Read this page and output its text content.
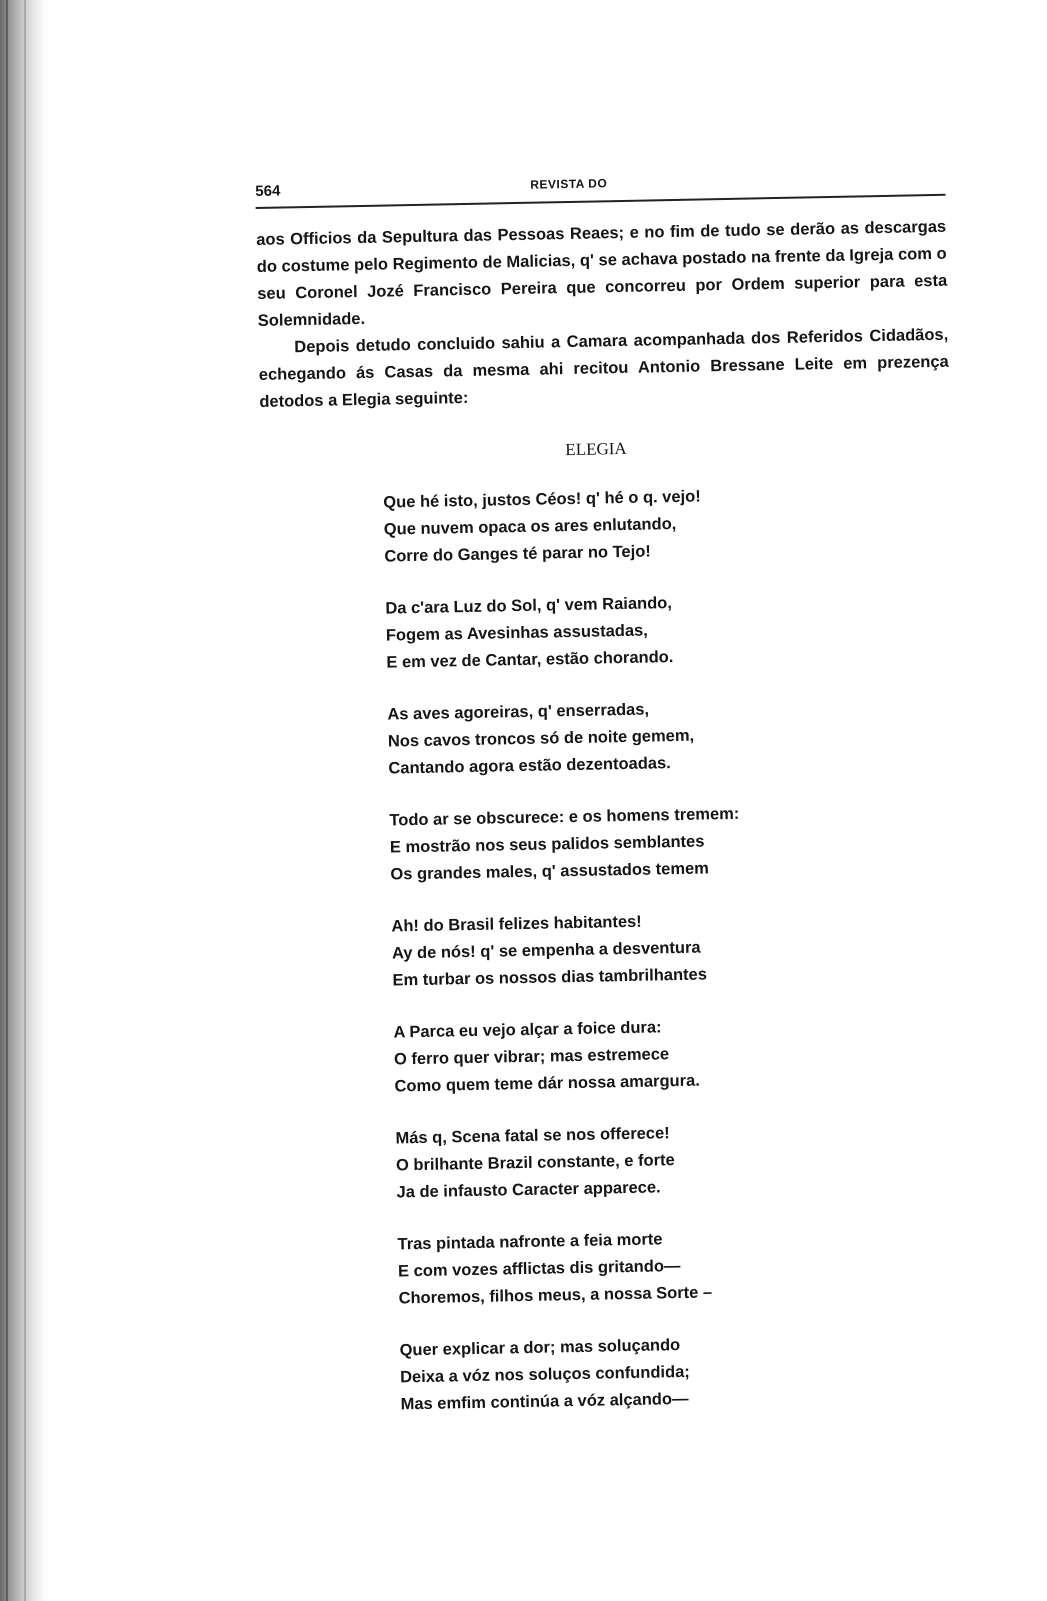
564	REVISTA DO

aos Officios da Sepultura das Pessoas Reaes; e no fim de tudo se derão as descargas do costume pelo Regimento de Malicias, q' se achava postado na frente da Igreja com o seu Coronel Jozé Francisco Pereira que concorreu por Ordem superior para esta Solemnidade.

Depois detudo concluido sahiu a Camara acompanhada dos Referidos Cidadãos, echegando ás Casas da mesma ahi recitou Antonio Bressane Leite em prezença detodos a Elegia seguinte:

ELEGIA
Que hé isto, justos Céos! q' hé o q. vejo!
Que nuvem opaca os ares enlutando,
Corre do Ganges té parar no Tejo!
Da c'ara Luz do Sol, q' vem Raiando,
Fogem as Avesinhas assustadas,
E em vez de Cantar, estão chorando.
As aves agoreiras, q' enserradas,
Nos cavos troncos só de noite gemem,
Cantando agora estão dezentoadas.
Todo ar se obscurece: e os homens tremem:
E mostrão nos seus palidos semblantes
Os grandes males, q' assustados temem
Ah! do Brasil felizes habitantes!
Ay de nós! q' se empenha a desventura
Em turbar os nossos dias tambrilhantes
A Parca eu vejo alçar a foice dura:
O ferro quer vibrar; mas estremece
Como quem teme dár nossa amargura.
Más q, Scena fatal se nos offerece!
O brilhante Brazil constante, e forte
Ja de infausto Caracter apparece.
Tras pintada nafronte a feia morte
E com vozes afflictas dis gritando—
Choremos, filhos meus, a nossa Sorte –
Quer explicar a dor; mas soluçando
Deixa a vóz nos soluços confundida;
Mas emfim continúa a vóz alçando—
